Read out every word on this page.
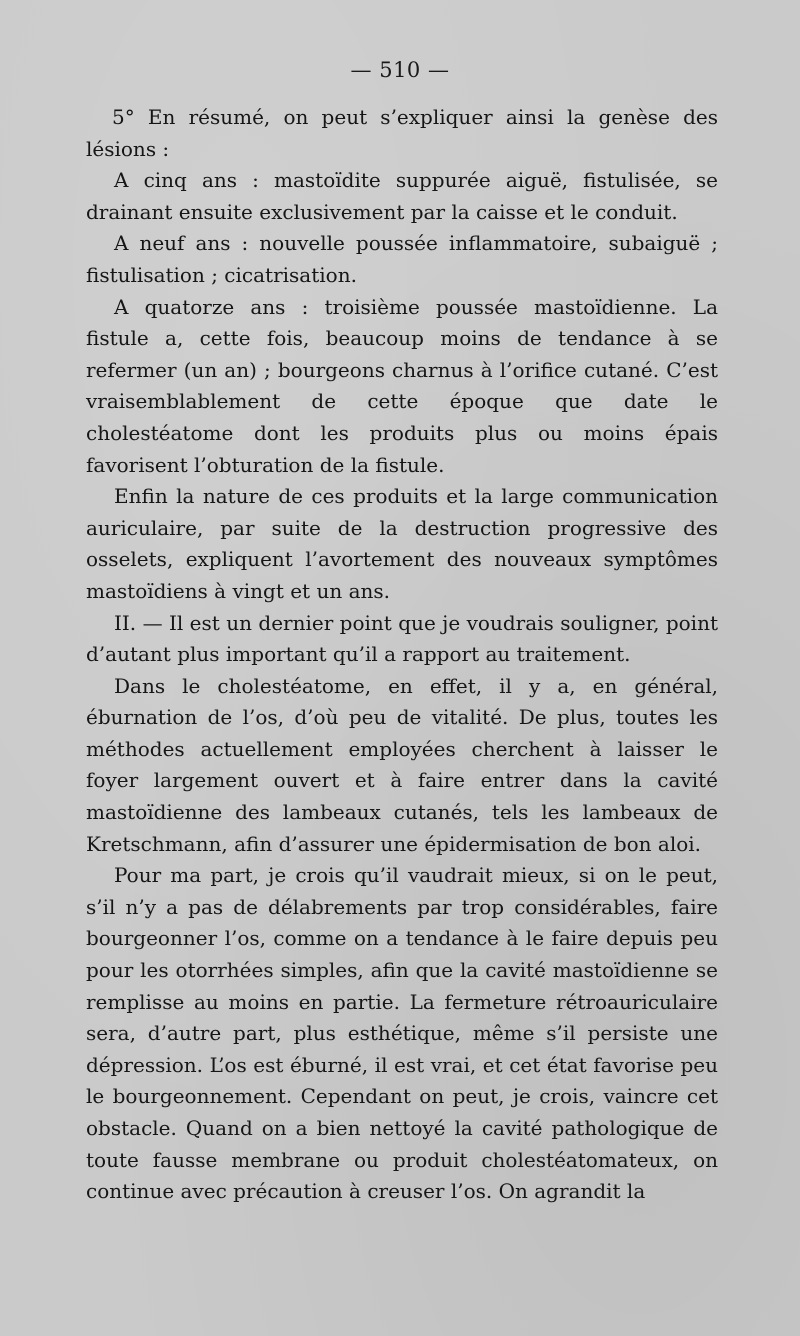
— 510 —

5° En résumé, on peut s’expliquer ainsi la genèse des lésions :

A cinq ans : mastoïdite suppurée aiguë, fistulisée, se drainant ensuite exclusivement par la caisse et le conduit.

A neuf ans : nouvelle poussée inflammatoire, subaiguë ; fistulisation ; cicatrisation.

A quatorze ans : troisième poussée mastoïdienne. La fistule a, cette fois, beaucoup moins de tendance à se refermer (un an) ; bourgeons charnus à l’orifice cutané. C’est vraisemblablement de cette époque que date le cholestéatome dont les produits plus ou moins épais favorisent l’obturation de la fistule.

Enfin la nature de ces produits et la large communication auriculaire, par suite de la destruction progressive des osselets, expliquent l’avortement des nouveaux symptômes mastoïdiens à vingt et un ans.

II. — Il est un dernier point que je voudrais souligner, point d’autant plus important qu’il a rapport au traitement.

Dans le cholestéatome, en effet, il y a, en général, éburnation de l’os, d’où peu de vitalité. De plus, toutes les méthodes actuellement employées cherchent à laisser le foyer largement ouvert et à faire entrer dans la cavité mastoïdienne des lambeaux cutanés, tels les lambeaux de Kretschmann, afin d’assurer une épidermisation de bon aloi.

Pour ma part, je crois qu’il vaudrait mieux, si on le peut, s’il n’y a pas de délabrements par trop considérables, faire bourgeonner l’os, comme on a tendance à le faire depuis peu pour les otorrhées simples, afin que la cavité mastoïdienne se remplisse au moins en partie. La fermeture rétroauriculaire sera, d’autre part, plus esthétique, même s’il persiste une dépression. L’os est éburné, il est vrai, et cet état favorise peu le bourgeonnement. Cependant on peut, je crois, vaincre cet obstacle. Quand on a bien nettoyé la cavité pathologique de toute fausse membrane ou produit cholestéatomateux, on continue avec précaution à creuser l’os. On agrandit la
